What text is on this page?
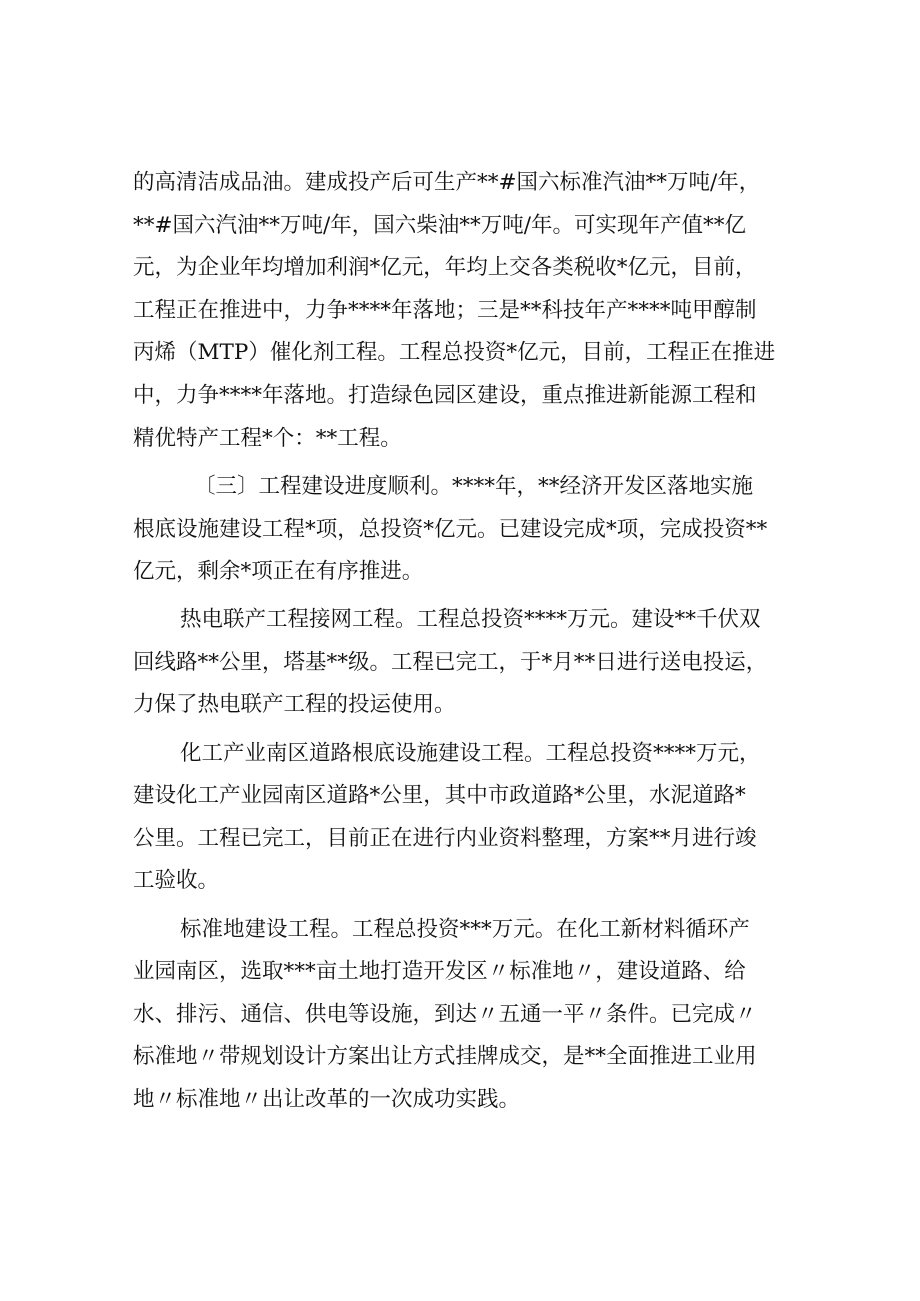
的高清洁成品油。建成投产后可生产**#国六标准汽油**万吨/年，
**#国六汽油**万吨/年，国六柴油**万吨/年。可实现年产值**亿
元，为企业年均增加利润*亿元，年均上交各类税收*亿元，目前，
工程正在推进中，力争****年落地；三是**科技年产****吨甲醇制
丙烯（MTP）催化剂工程。工程总投资*亿元，目前，工程正在推进
中，力争****年落地。打造绿色园区建设，重点推进新能源工程和
精优特产工程*个：**工程。
〔三〕工程建设进度顺利。****年，**经济开发区落地实施
根底设施建设工程*项，总投资*亿元。已建设完成*项，完成投资**
亿元，剩余*项正在有序推进。
热电联产工程接网工程。工程总投资****万元。建设**千伏双
回线路**公里，塔基**级。工程已完工，于*月**日进行送电投运，
力保了热电联产工程的投运使用。
化工产业南区道路根底设施建设工程。工程总投资****万元，
建设化工产业园南区道路*公里，其中市政道路*公里，水泥道路*
公里。工程已完工，目前正在进行内业资料整理，方案**月进行竣
工验收。
标准地建设工程。工程总投资***万元。在化工新材料循环产
业园南区，选取***亩土地打造开发区〃标准地〃，建设道路、给
水、排污、通信、供电等设施，到达〃五通一平〃条件。已完成〃
标准地〃带规划设计方案出让方式挂牌成交，是**全面推进工业用
地〃标准地〃出让改革的一次成功实践。
